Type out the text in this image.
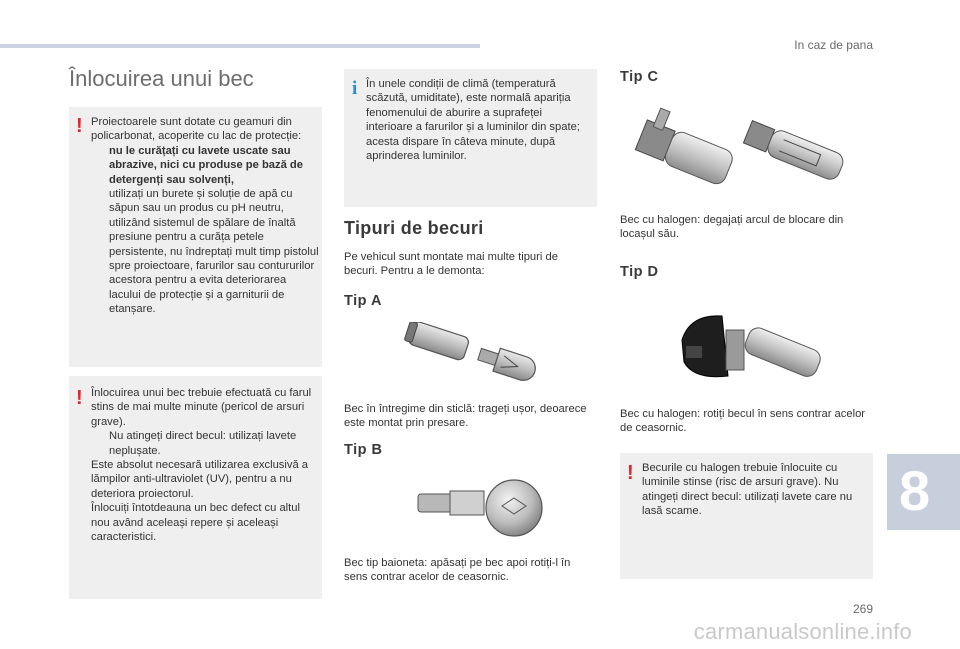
In caz de pana
Înlocuirea unui bec
! Proiectoarele sunt dotate cu geamuri din policarbonat, acoperite cu lac de protecție:

nu le curățați cu lavete uscate sau abrazive, nici cu produse pe bază de detergenți sau solvenți,
utilizați un burete și soluție de apă cu săpun sau un produs cu pH neutru,
utilizând sistemul de spălare de înaltă presiune pentru a curăța petele persistente, nu îndreptați mult timp pistolul spre proiectoare, farurilor sau contururilor acestora pentru a evita deteriorarea lacului de protecție și a garniturii de etanșare.
! Înlocuirea unui bec trebuie efectuată cu farul stins de mai multe minute (pericol de arsuri grave).

Nu atingeți direct becul: utilizați lavete neplușate.

Este absolut necesară utilizarea exclusivă a lămpilor anti-ultraviolet (UV), pentru a nu deteriora proiectorul.

Înlocuiți întotdeauna un bec defect cu altul nou având aceleași repere și aceleași caracteristici.

i În unele condiții de climă (temperatură scăzută, umiditate), este normală apariția fenomenului de aburire a suprafeței interioare a farurilor și a luminilor din spate; acesta dispare în câteva minute, după aprinderea luminilor.

Tipuri de becuri

Pe vehicul sunt montate mai multe tipuri de becuri. Pentru a le demonta:

Tip A

Bec în întregime din sticlă: trageți ușor, deoarece este montat prin presare.

Tip B

Bec tip baioneta: apăsați pe bec apoi rotiți-l în sens contrar acelor de ceasornic.

Tip C

Bec cu halogen: degajați arcul de blocare din locașul său.

Tip D

Bec cu halogen: rotiți becul în sens contrar acelor de ceasornic.

! Becurile cu halogen trebuie înlocuite cu luminile stinse (risc de arsuri grave). Nu atingeți direct becul: utilizați lavete care nu lasă scame.	8
269
carmanualsonline.info
